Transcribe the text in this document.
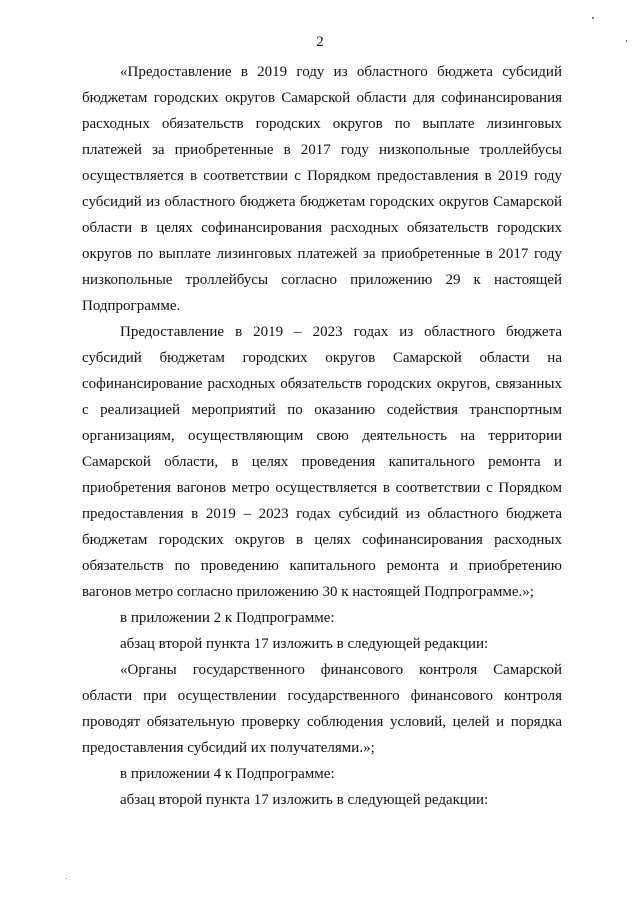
2

«Предоставление в 2019 году из областного бюджета субсидий бюджетам городских округов Самарской области для софинансирования расходных обязательств городских округов по выплате лизинговых платежей за приобретенные в 2017 году низкопольные троллейбусы осуществляется в соответствии с Порядком предоставления в 2019 году субсидий из областного бюджета бюджетам городских округов Самарской области в целях софинансирования расходных обязательств городских округов по выплате лизинговых платежей за приобретенные в 2017 году низкопольные троллейбусы согласно приложению 29 к настоящей Подпрограмме.

Предоставление в 2019 – 2023 годах из областного бюджета субсидий бюджетам городских округов Самарской области на софинансирование расходных обязательств городских округов, связанных с реализацией мероприятий по оказанию содействия транспортным организациям, осуществляющим свою деятельность на территории Самарской области, в целях проведения капитального ремонта и приобретения вагонов метро осуществляется в соответствии с Порядком предоставления в 2019 – 2023 годах субсидий из областного бюджета бюджетам городских округов в целях софинансирования расходных обязательств по проведению капитального ремонта и приобретению вагонов метро согласно приложению 30 к настоящей Подпрограмме.»;

в приложении 2 к Подпрограмме:

абзац второй пункта 17 изложить в следующей редакции:

«Органы государственного финансового контроля Самарской области при осуществлении государственного финансового контроля проводят обязательную проверку соблюдения условий, целей и порядка предоставления субсидий их получателями.»;

в приложении 4 к Подпрограмме:

абзац второй пункта 17 изложить в следующей редакции:
